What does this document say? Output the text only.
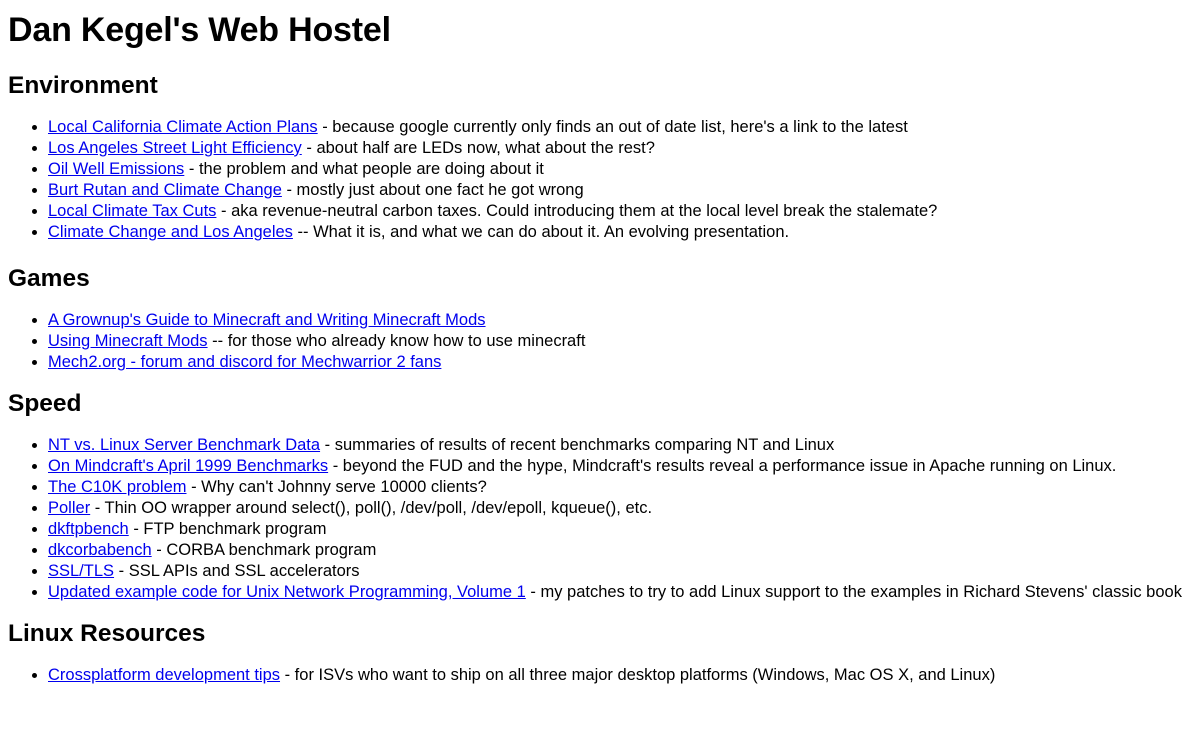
Dan Kegel's Web Hostel
Environment
• Local California Climate Action Plans - because google currently only finds an out of date list, here's a link to the latest
• Los Angeles Street Light Efficiency - about half are LEDs now, what about the rest?
• Oil Well Emissions - the problem and what people are doing about it
• Burt Rutan and Climate Change - mostly just about one fact he got wrong
• Local Climate Tax Cuts - aka revenue-neutral carbon taxes. Could introducing them at the local level break the stalemate?
• Climate Change and Los Angeles -- What it is, and what we can do about it. An evolving presentation.
Games
• A Grownup's Guide to Minecraft and Writing Minecraft Mods
• Using Minecraft Mods -- for those who already know how to use minecraft
• Mech2.org - forum and discord for Mechwarrior 2 fans
Speed
• NT vs. Linux Server Benchmark Data - summaries of results of recent benchmarks comparing NT and Linux
• On Mindcraft's April 1999 Benchmarks - beyond the FUD and the hype, Mindcraft's results reveal a performance issue in Apache running on Linux.
• The C10K problem - Why can't Johnny serve 10000 clients?
• Poller - Thin OO wrapper around select(), poll(), /dev/poll, /dev/epoll, kqueue(), etc.
• dkftpbench - FTP benchmark program
• dkcorbabench - CORBA benchmark program
• SSL/TLS - SSL APIs and SSL accelerators
• Updated example code for Unix Network Programming, Volume 1 - my patches to try to add Linux support to the examples in Richard Stevens' classic book
Linux Resources
• Crossplatform development tips - for ISVs who want to ship on all three major desktop platforms (Windows, Mac OS X, and Linux)
